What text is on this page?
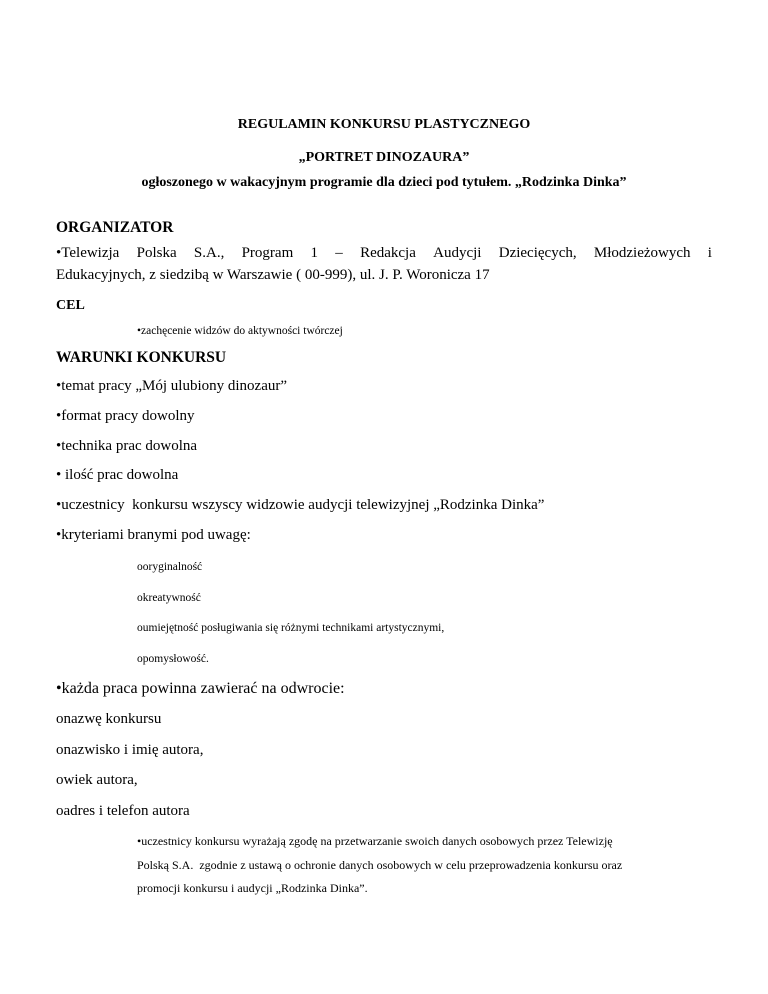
REGULAMIN KONKURSU PLASTYCZNEGO
„PORTRET DINOZAURA”
ogłoszonego w wakacyjnym programie dla dzieci pod tytułem. „Rodzinka Dinka”
ORGANIZATOR
•Telewizja Polska S.A., Program 1 – Redakcja Audycji Dziecięcych, Młodzieżowych i
Edukacyjnych, z siedzibą w Warszawie ( 00-999), ul. J. P. Woronicza 17
CEL
•zachęcenie widzów do aktywności twórczej
WARUNKI KONKURSU
•temat pracy „Mój ulubiony dinozaur”
•format pracy dowolny
•technika prac dowolna
• ilość prac dowolna
•uczestnicy  konkursu wszyscy widzowie audycji telewizyjnej „Rodzinka Dinka”
•kryteriami branymi pod uwagę:
ooryginalność
okreatywność
oumiejętność posługiwania się różnymi technikami artystycznymi,
opomysłowość.
•każda praca powinna zawierać na odwrocie:
onazwę konkursu
onazwisko i imię autora,
owiek autora,
oadres i telefon autora
•uczestnicy konkursu wyrażają zgodę na przetwarzanie swoich danych osobowych przez Telewizję
Polską S.A.  zgodnie z ustawą o ochronie danych osobowych w celu przeprowadzenia konkursu oraz
promocji konkursu i audycji „Rodzinka Dinka”.
